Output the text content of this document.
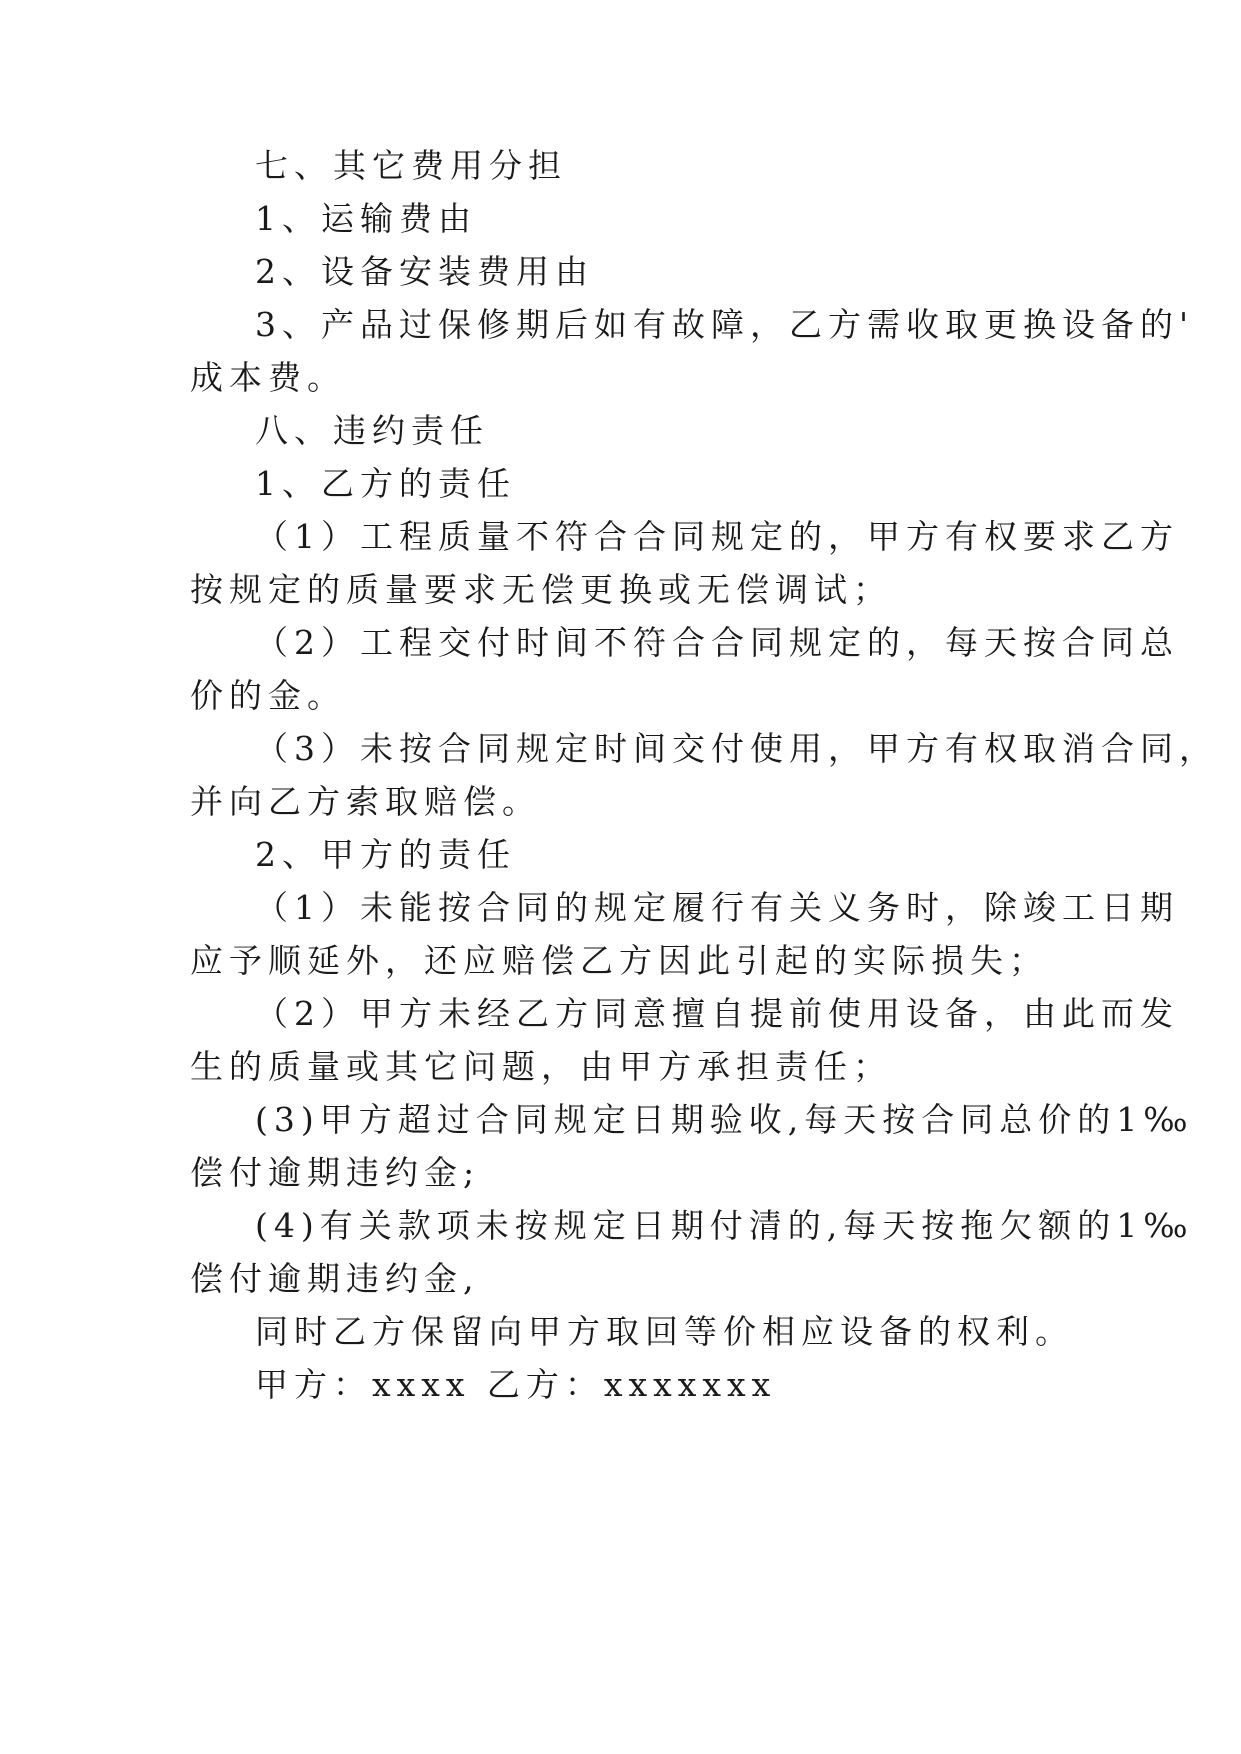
七、其它费用分担
1、运输费由
2、设备安装费用由
3、产品过保修期后如有故障，乙方需收取更换设备的'
成本费。
八、违约责任
1、乙方的责任
（1）工程质量不符合合同规定的，甲方有权要求乙方
按规定的质量要求无偿更换或无偿调试；
（2）工程交付时间不符合合同规定的，每天按合同总
价的金。
（3）未按合同规定时间交付使用，甲方有权取消合同，
并向乙方索取赔偿。
2、甲方的责任
（1）未能按合同的规定履行有关义务时，除竣工日期
应予顺延外，还应赔偿乙方因此引起的实际损失；
（2）甲方未经乙方同意擅自提前使用设备，由此而发
生的质量或其它问题，由甲方承担责任；
(3)甲方超过合同规定日期验收,每天按合同总价的1‰
偿付逾期违约金;
(4)有关款项未按规定日期付清的,每天按拖欠额的1‰
偿付逾期违约金,
同时乙方保留向甲方取回等价相应设备的权利。
甲方：xxxx 乙方：xxxxxxx
